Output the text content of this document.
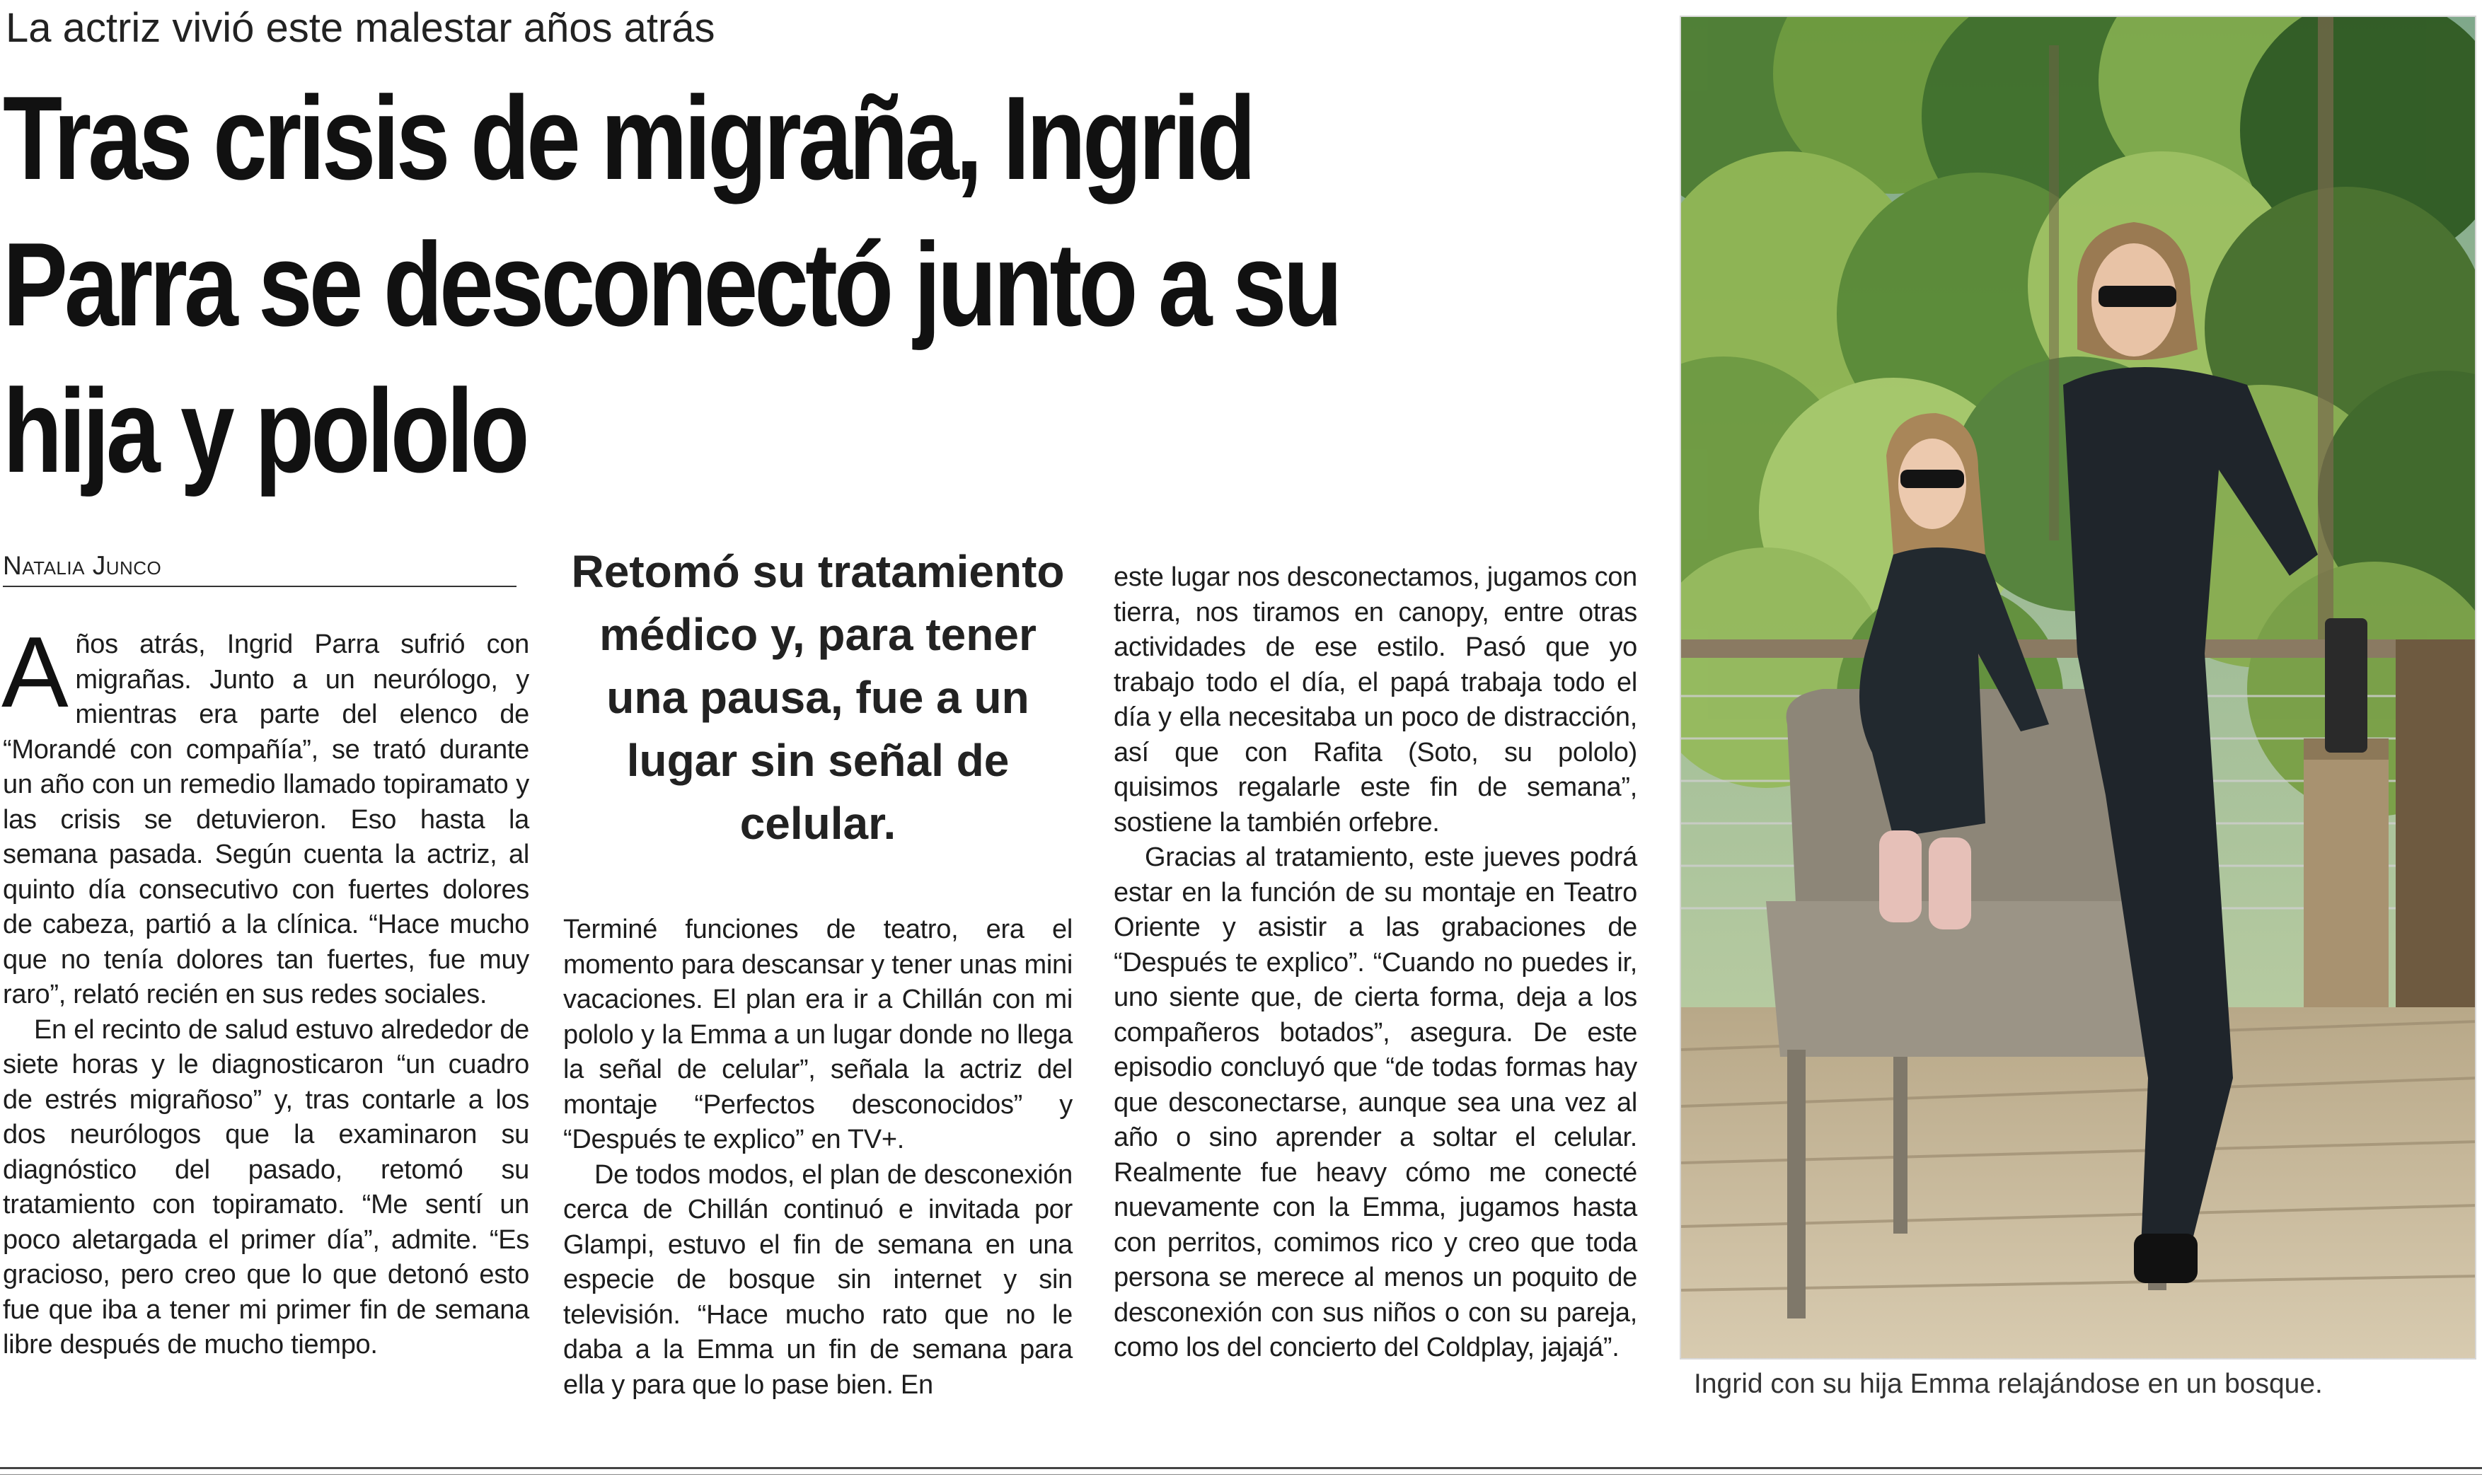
La actriz vivió este malestar años atrás
Tras crisis de migraña, Ingrid Parra se desconectó junto a su hija y pololo
Natalia Junco

Años atrás, Ingrid Parra sufrió con migrañas. Junto a un neurólogo, y mientras era parte del elenco de “Morandé con compañía”, se trató durante un año con un remedio llamado topiramato y las crisis se detuvieron. Eso hasta la semana pasada. Según cuenta la actriz, al quinto día consecutivo con fuertes dolores de cabeza, partió a la clínica. “Hace mucho que no tenía dolores tan fuertes, fue muy raro”, relató recién en sus redes sociales.

En el recinto de salud estuvo alrededor de siete horas y le diagnosticaron “un cuadro de estrés migrañoso” y, tras contarle a los dos neurólogos que la examinaron su diagnóstico del pasado, retomó su tratamiento con topiramato. “Me sentí un poco aletargada el primer día”, admite. “Es gracioso, pero creo que lo que detonó esto fue que iba a tener mi primer fin de semana libre después de mucho tiempo.

Retomó su tratamiento médico y, para tener una pausa, fue a un lugar sin señal de celular.

Terminé funciones de teatro, era el momento para descansar y tener unas mini vacaciones. El plan era ir a Chillán con mi pololo y la Emma a un lugar donde no llega la señal de celular”, señala la actriz del montaje “Perfectos desconocidos” y “Después te explico” en TV+.

De todos modos, el plan de desconexión cerca de Chillán continuó e invitada por Glampi, estuvo el fin de semana en una especie de bosque sin internet y sin televisión. “Hace mucho rato que no le daba a la Emma un fin de semana para ella y para que lo pase bien. En

este lugar nos desconectamos, jugamos con tierra, nos tiramos en canopy, entre otras actividades de ese estilo. Pasó que yo trabajo todo el día, el papá trabaja todo el día y ella necesitaba un poco de distracción, así que con Rafita (Soto, su pololo) quisimos regalarle este fin de semana”, sostiene la también orfebre.

Gracias al tratamiento, este jueves podrá estar en la función de su montaje en Teatro Oriente y asistir a las grabaciones de “Después te explico”. “Cuando no puedes ir, uno siente que, de cierta forma, deja a los compañeros botados”, asegura. De este episodio concluyó que “de todas formas hay que desconectarse, aunque sea una vez al año o sino aprender a soltar el celular. Realmente fue heavy cómo me conecté nuevamente con la Emma, jugamos hasta con perritos, comimos rico y creo que toda persona se merece al menos un poquito de desconexión con sus niños o con su pareja, como los del concierto del Coldplay, jajajá”.

Ingrid con su hija Emma relajándose en un bosque.
